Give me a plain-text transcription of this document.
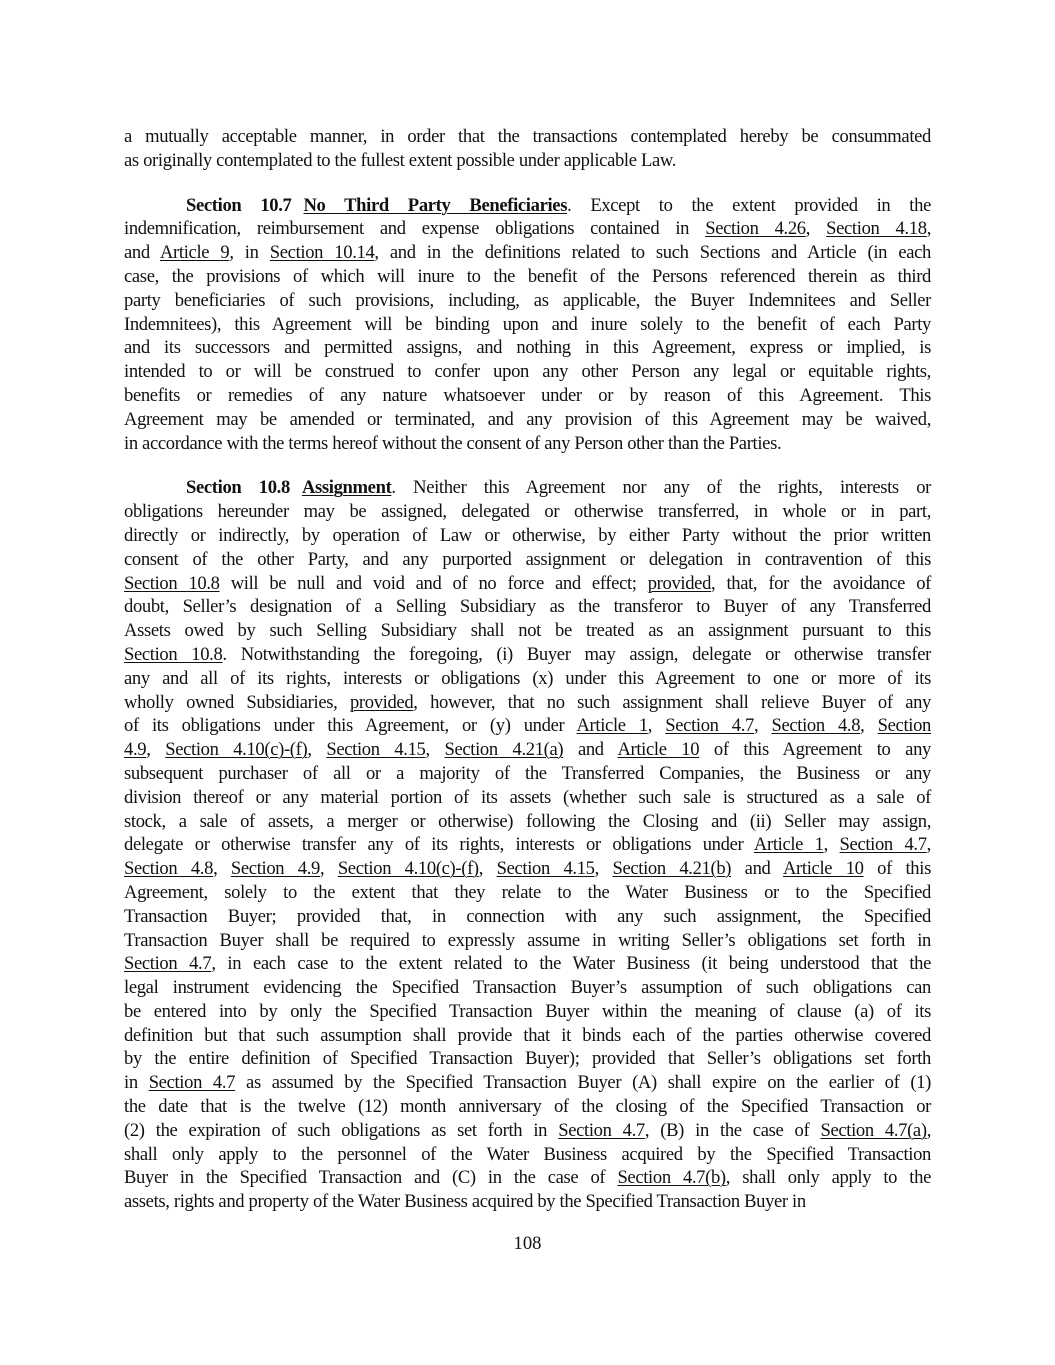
a mutually acceptable manner, in order that the transactions contemplated hereby be consummated
as originally contemplated to the fullest extent possible under applicable Law.
Section 10.7 No Third Party Beneficiaries. Except to the extent provided in the
indemnification, reimbursement and expense obligations contained in Section 4.26, Section 4.18,
and Article 9, in Section 10.14, and in the definitions related to such Sections and Article (in each
case, the provisions of which will inure to the benefit of the Persons referenced therein as third
party beneficiaries of such provisions, including, as applicable, the Buyer Indemnitees and Seller
Indemnitees), this Agreement will be binding upon and inure solely to the benefit of each Party
and its successors and permitted assigns, and nothing in this Agreement, express or implied, is
intended to or will be construed to confer upon any other Person any legal or equitable rights,
benefits or remedies of any nature whatsoever under or by reason of this Agreement. This
Agreement may be amended or terminated, and any provision of this Agreement may be waived,
in accordance with the terms hereof without the consent of any Person other than the Parties.
Section 10.8 Assignment. Neither this Agreement nor any of the rights, interests or
obligations hereunder may be assigned, delegated or otherwise transferred, in whole or in part,
directly or indirectly, by operation of Law or otherwise, by either Party without the prior written
consent of the other Party, and any purported assignment or delegation in contravention of this
Section 10.8 will be null and void and of no force and effect; provided, that, for the avoidance of
doubt, Seller’s designation of a Selling Subsidiary as the transferor to Buyer of any Transferred
Assets owed by such Selling Subsidiary shall not be treated as an assignment pursuant to this
Section 10.8. Notwithstanding the foregoing, (i) Buyer may assign, delegate or otherwise transfer
any and all of its rights, interests or obligations (x) under this Agreement to one or more of its
wholly owned Subsidiaries, provided, however, that no such assignment shall relieve Buyer of any
of its obligations under this Agreement, or (y) under Article 1, Section 4.7, Section 4.8, Section
4.9, Section 4.10(c)-(f), Section 4.15, Section 4.21(a) and Article 10 of this Agreement to any
subsequent purchaser of all or a majority of the Transferred Companies, the Business or any
division thereof or any material portion of its assets (whether such sale is structured as a sale of
stock, a sale of assets, a merger or otherwise) following the Closing and (ii) Seller may assign,
delegate or otherwise transfer any of its rights, interests or obligations under Article 1, Section 4.7,
Section 4.8, Section 4.9, Section 4.10(c)-(f), Section 4.15, Section 4.21(b) and Article 10 of this
Agreement, solely to the extent that they relate to the Water Business or to the Specified
Transaction Buyer; provided that, in connection with any such assignment, the Specified
Transaction Buyer shall be required to expressly assume in writing Seller’s obligations set forth in
Section 4.7, in each case to the extent related to the Water Business (it being understood that the
legal instrument evidencing the Specified Transaction Buyer’s assumption of such obligations can
be entered into by only the Specified Transaction Buyer within the meaning of clause (a) of its
definition but that such assumption shall provide that it binds each of the parties otherwise covered
by the entire definition of Specified Transaction Buyer); provided that Seller’s obligations set forth
in Section 4.7 as assumed by the Specified Transaction Buyer (A) shall expire on the earlier of (1)
the date that is the twelve (12) month anniversary of the closing of the Specified Transaction or
(2) the expiration of such obligations as set forth in Section 4.7, (B) in the case of Section 4.7(a),
shall only apply to the personnel of the Water Business acquired by the Specified Transaction
Buyer in the Specified Transaction and (C) in the case of Section 4.7(b), shall only apply to the
assets, rights and property of the Water Business acquired by the Specified Transaction Buyer in
108
